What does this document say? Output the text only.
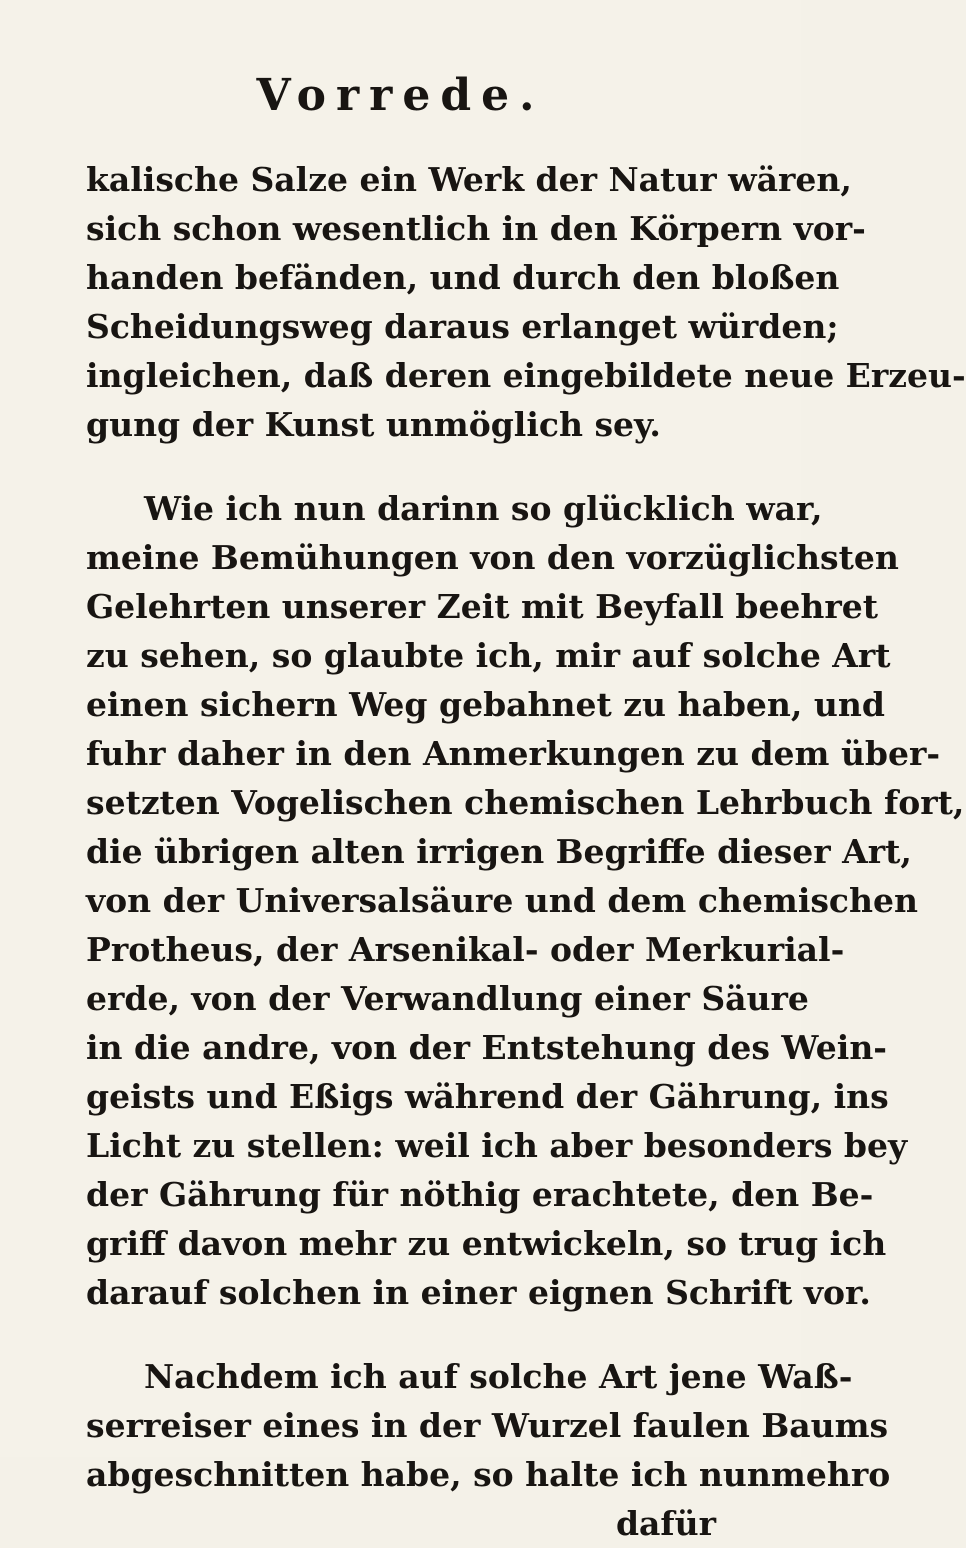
Vorrede.

kalische Salze ein Werk der Natur wären,

sich schon wesentlich in den Körpern vor-

handen befänden, und durch den bloßen

Scheidungsweg daraus erlanget würden;

ingleichen, daß deren eingebildete neue Erzeu-

gung der Kunst unmöglich sey.

Wie ich nun darinn so glücklich war,

meine Bemühungen von den vorzüglichsten

Gelehrten unserer Zeit mit Beyfall beehret

zu sehen, so glaubte ich, mir auf solche Art

einen sichern Weg gebahnet zu haben, und

fuhr daher in den Anmerkungen zu dem über-

setzten Vogelischen chemischen Lehrbuch fort,

die übrigen alten irrigen Begriffe dieser Art,

von der Universalsäure und dem chemischen

Protheus, der Arsenikal- oder Merkurial-

erde, von der Verwandlung einer Säure

in die andre, von der Entstehung des Wein-

geists und Eßigs während der Gährung, ins

Licht zu stellen: weil ich aber besonders bey

der Gährung für nöthig erachtete, den Be-

griff davon mehr zu entwickeln, so trug ich

darauf solchen in einer eignen Schrift vor.

Nachdem ich auf solche Art jene Waß-

serreiser eines in der Wurzel faulen Baums

abgeschnitten habe, so halte ich nunmehro

dafür
